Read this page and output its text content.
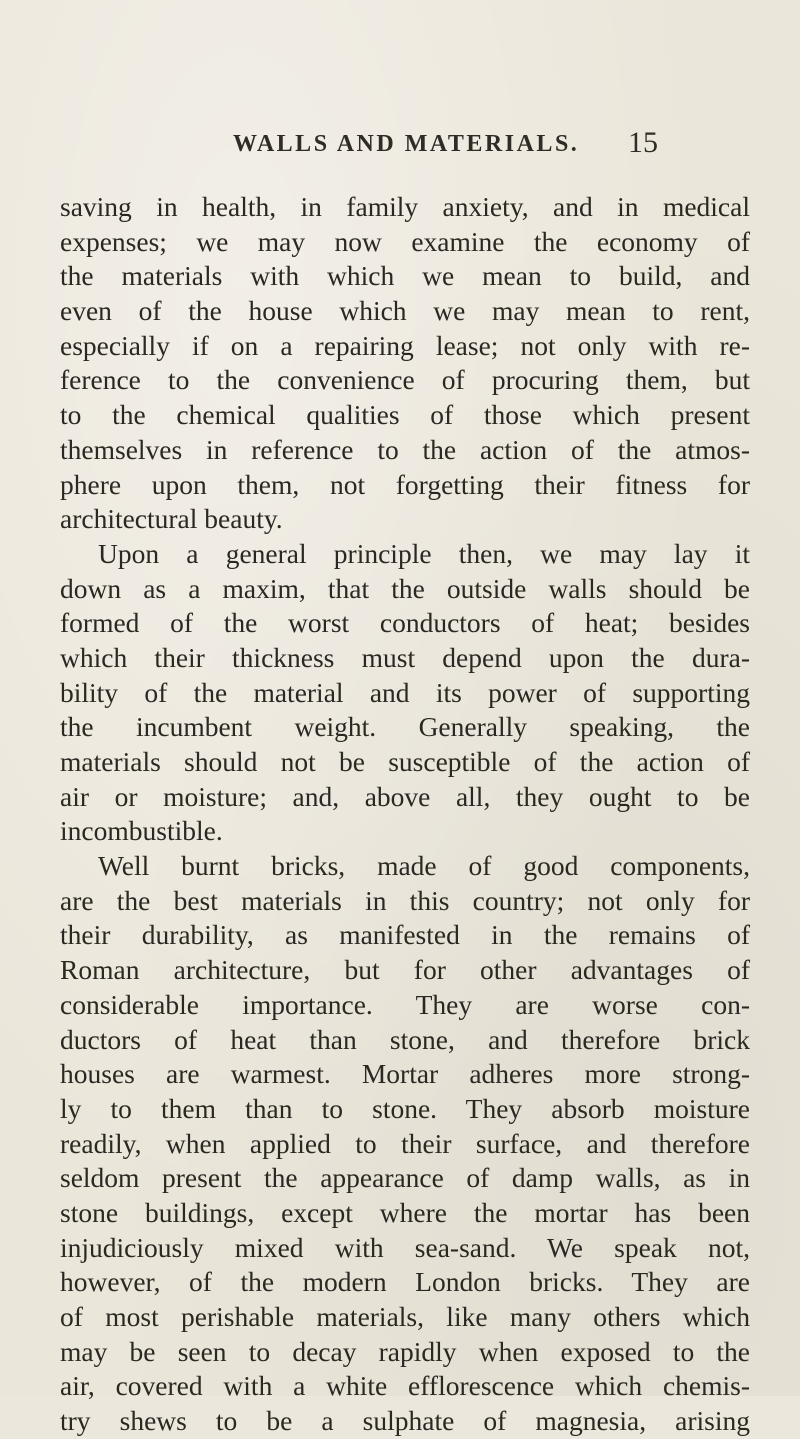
WALLS AND MATERIALS. 15
saving in health, in family anxiety, and in medical
expenses; we may now examine the economy of
the materials with which we mean to build, and
even of the house which we may mean to rent,
especially if on a repairing lease; not only with re-
ference to the convenience of procuring them, but
to the chemical qualities of those which present
themselves in reference to the action of the atmos-
phere upon them, not forgetting their fitness for
architectural beauty.
Upon a general principle then, we may lay it
down as a maxim, that the outside walls should be
formed of the worst conductors of heat; besides
which their thickness must depend upon the dura-
bility of the material and its power of supporting
the incumbent weight. Generally speaking, the
materials should not be susceptible of the action of
air or moisture; and, above all, they ought to be
incombustible.
Well burnt bricks, made of good components,
are the best materials in this country; not only for
their durability, as manifested in the remains of
Roman architecture, but for other advantages of
considerable importance. They are worse con-
ductors of heat than stone, and therefore brick
houses are warmest. Mortar adheres more strong-
ly to them than to stone. They absorb moisture
readily, when applied to their surface, and therefore
seldom present the appearance of damp walls, as in
stone buildings, except where the mortar has been
injudiciously mixed with sea-sand. We speak not,
however, of the modern London bricks. They are
of most perishable materials, like many others which
may be seen to decay rapidly when exposed to the
air, covered with a white efflorescence which chemis-
try shews to be a sulphate of magnesia, arising
